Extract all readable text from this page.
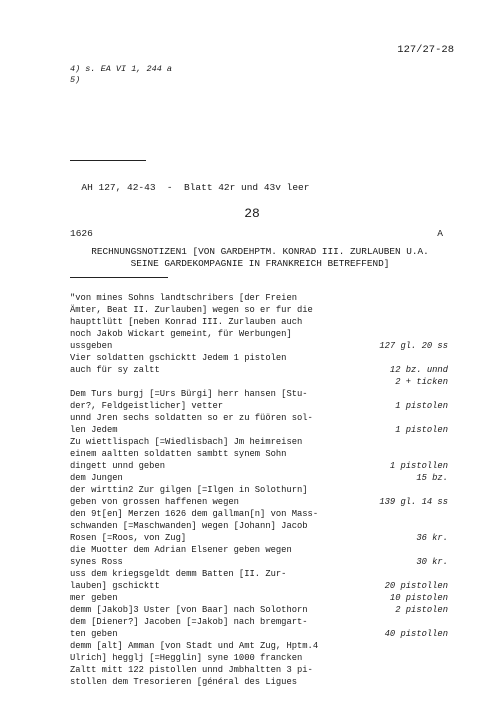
127/27-28
4) s. EA VI 1, 244 a
5)

AH 127, 42-43  -  Blatt 42r und 43v leer

28
1626	A
RECHNUNGSNOTIZEN1 [VON GARDEHPTM. KONRAD III. ZURLAUBEN U.A.
SEINE GARDEKOMPAGNIE IN FRANKREICH BETREFFEND]
"von mines Sohns landtschribers [der Freien
Ämter, Beat II. Zurlauben] wegen so er fur die
haupttlütt [neben Konrad III. Zurlauben auch
noch Jakob Wickart gemeint, für Werbungen]
ussgeben	127 gl. 20 ss
Vier soldatten gschicktt Jedem 1 pistolen
auch für sy zaltt	12 bz. unnd
2 + ticken
Dem Turs burgj [=Urs Bürgi] herr hansen [Stu-
der?, Feldgeistlicher] vetter	1 pistolen
unnd Jren sechs soldatten so er zu füören sol-
len Jedem	1 pistolen
Zu wiettlispach [=Wiedlisbach] Jm heimreisen
einem aaltten soldatten sambtt synem Sohn
dingett unnd geben	1 pistollen
dem Jungen	15 bz.
der wirttin2 Zur gilgen [=Ilgen in Solothurn]
geben von grossen haffenen wegen	139 gl. 14 ss
den 9t[en] Merzen 1626 dem gallman[n] von Mass-
schwanden [=Maschwanden] wegen [Johann] Jacob
Rosen [=Roos, von Zug]	36 kr.
die Muotter dem Adrian Elsener geben wegen
synes Ross	30 kr.
uss dem kriegsgeldt demm Batten [II. Zur-
lauben] gschicktt	20 pistollen
mer geben	10 pistolen
demm [Jakob]3 Uster [von Baar] nach Solothorn	2 pistolen
dem [Diener?] Jacoben [=Jakob] nach bremgart-
ten geben	40 pistollen
demm [alt] Amman [von Stadt und Amt Zug, Hptm.4
Ulrich] hegglj [=Hegglin] syne 1000 francken
Zaltt mitt 122 pistollen unnd Jmbhaltten 3 pi-
stollen dem Tresorieren [général des Ligues
